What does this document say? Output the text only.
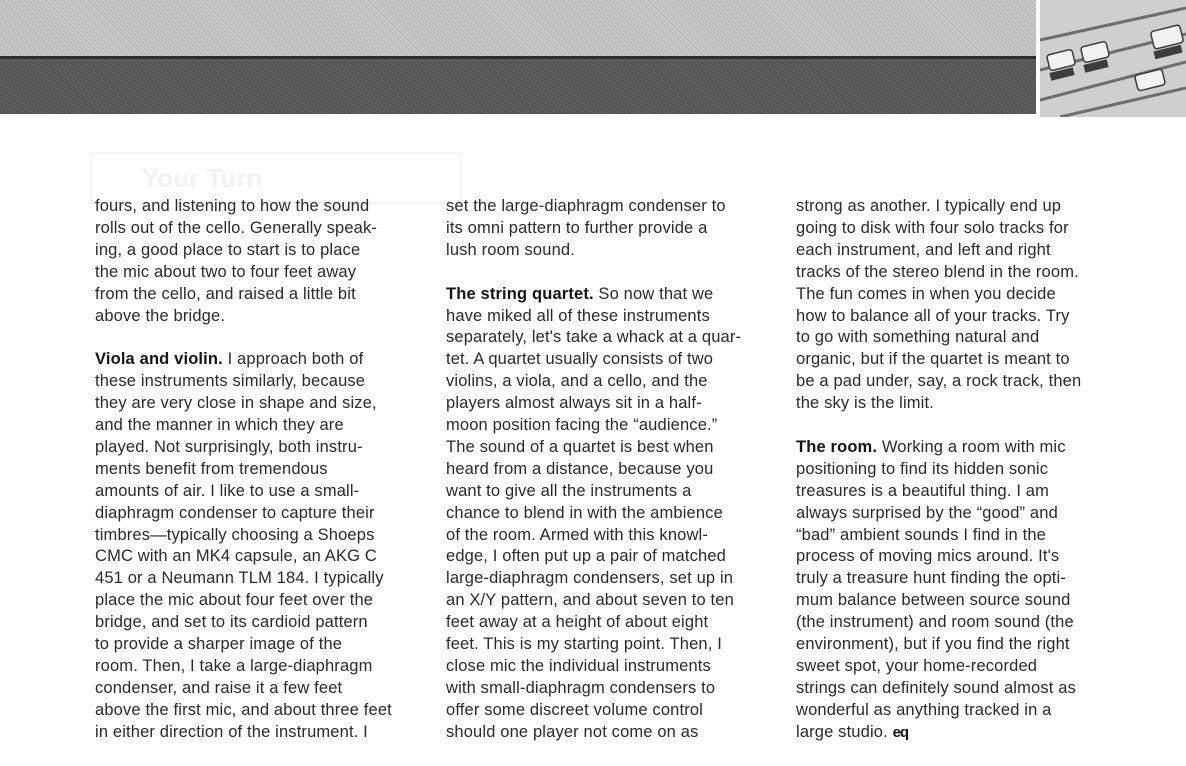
Your Turn

fours, and listening to how the sound
rolls out of the cello. Generally speak-
ing, a good place to start is to place
the mic about two to four feet away
from the cello, and raised a little bit
above the bridge.

Viola and violin. I approach both of
these instruments similarly, because
they are very close in shape and size,
and the manner in which they are
played. Not surprisingly, both instru-
ments benefit from tremendous
amounts of air. I like to use a small-
diaphragm condenser to capture their
timbres—typically choosing a Shoeps
CMC with an MK4 capsule, an AKG C
451 or a Neumann TLM 184. I typically
place the mic about four feet over the
bridge, and set to its cardioid pattern
to provide a sharper image of the
room. Then, I take a large-diaphragm
condenser, and raise it a few feet
above the first mic, and about three feet
in either direction of the instrument. I

set the large-diaphragm condenser to
its omni pattern to further provide a
lush room sound.

The string quartet. So now that we
have miked all of these instruments
separately, let's take a whack at a quar-
tet. A quartet usually consists of two
violins, a viola, and a cello, and the
players almost always sit in a half-
moon position facing the “audience.”
The sound of a quartet is best when
heard from a distance, because you
want to give all the instruments a
chance to blend in with the ambience
of the room. Armed with this knowl-
edge, I often put up a pair of matched
large-diaphragm condensers, set up in
an X/Y pattern, and about seven to ten
feet away at a height of about eight
feet. This is my starting point. Then, I
close mic the individual instruments
with small-diaphragm condensers to
offer some discreet volume control
should one player not come on as

strong as another. I typically end up
going to disk with four solo tracks for
each instrument, and left and right
tracks of the stereo blend in the room.
The fun comes in when you decide
how to balance all of your tracks. Try
to go with something natural and
organic, but if the quartet is meant to
be a pad under, say, a rock track, then
the sky is the limit.

The room. Working a room with mic
positioning to find its hidden sonic
treasures is a beautiful thing. I am
always surprised by the “good” and
“bad” ambient sounds I find in the
process of moving mics around. It's
truly a treasure hunt finding the opti-
mum balance between source sound
(the instrument) and room sound (the
environment), but if you find the right
sweet spot, your home-recorded
strings can definitely sound almost as
wonderful as anything tracked in a
large studio. eq
